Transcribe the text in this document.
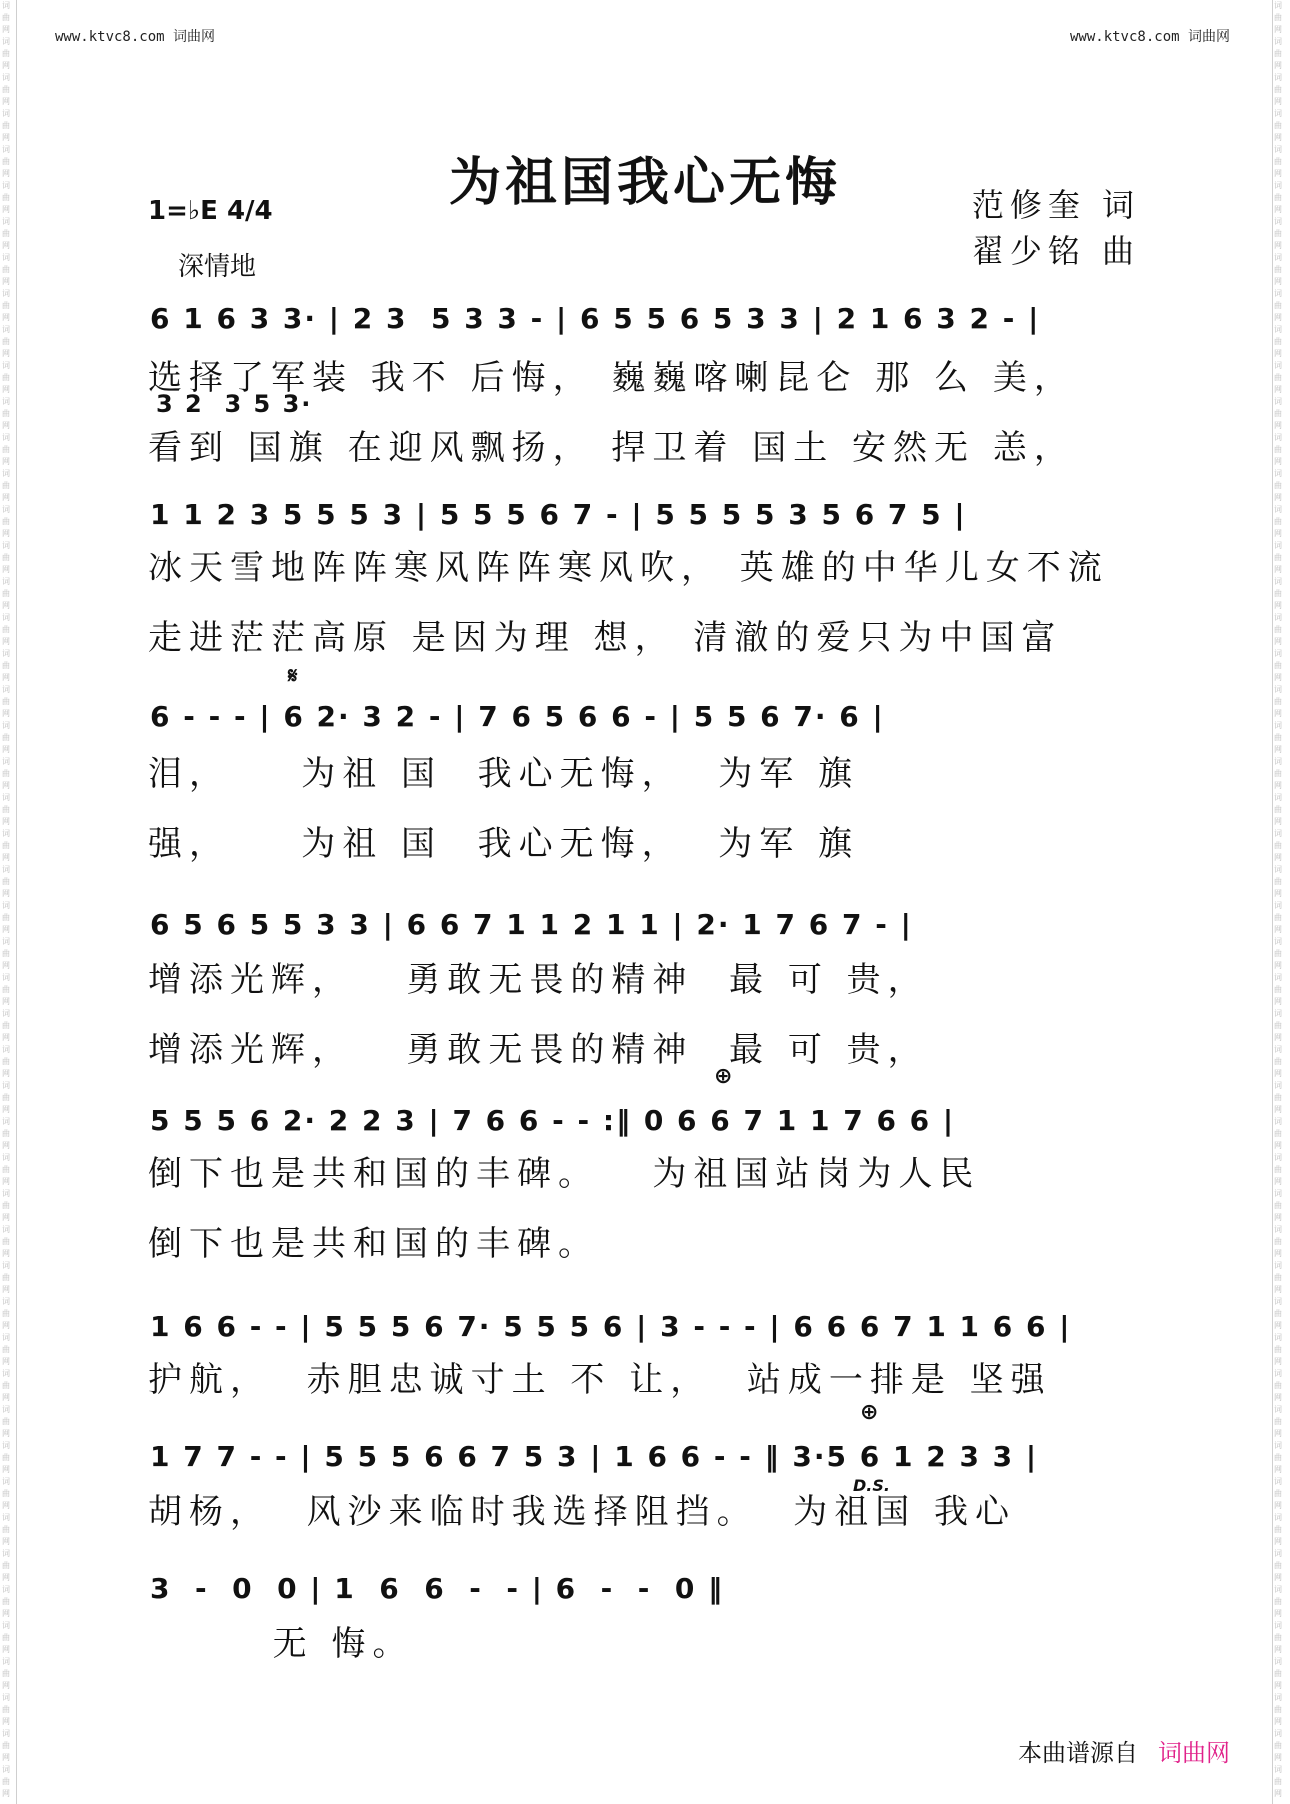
词
曲
网
词
曲
网
词
曲
网
词
曲
网
词
曲
网
词
曲
网
词
曲
网
词
曲
网
词
曲
网
词
曲
网
词
曲
网
词
曲
网
词
曲
网
词
曲
网
词
曲
网
词
曲
网
词
曲
网
词
曲
网
词
曲
网
词
曲
网
词
曲
网
词
曲
网
词
曲
网
词
曲
网
词
曲
网
词
曲
网
词
曲
网
词
曲
网
词
曲
网
词
曲
网
词
曲
网
词
曲
网
词
曲
网
词
曲
网
词
曲
网
词
曲
网
词
曲
网
词
曲
网
词
曲
网
词
曲
网
词
曲
网
词
曲
网
词
曲
网
词
曲
网
词
曲
网
词
曲
网
词
曲
网
词
曲
网
词
曲
网
词
曲
网

词
曲
网
词
曲
网
词
曲
网
词
曲
网
词
曲
网
词
曲
网
词
曲
网
词
曲
网
词
曲
网
词
曲
网
词
曲
网
词
曲
网
词
曲
网
词
曲
网
词
曲
网
词
曲
网
词
曲
网
词
曲
网
词
曲
网
词
曲
网
词
曲
网
词
曲
网
词
曲
网
词
曲
网
词
曲
网
词
曲
网
词
曲
网
词
曲
网
词
曲
网
词
曲
网
词
曲
网
词
曲
网
词
曲
网
词
曲
网
词
曲
网
词
曲
网
词
曲
网
词
曲
网
词
曲
网
词
曲
网
词
曲
网
词
曲
网
词
曲
网
词
曲
网
词
曲
网
词
曲
网
词
曲
网
词
曲
网
词
曲
网
词
曲
网

www.ktvc8.com 词曲网	www.ktvc8.com 词曲网
为祖国我心无悔
1=♭E 4/4
深情地
范修奎 词
翟少铭 曲
𝄋
⊕
⊕
D.S.
6 1 6 3 3· | 2 3  5 3 3 - | 6 5 5 6 5 3 3 | 2 1 6 3 2 - |
选择了军装 我不 后悔， 巍巍喀喇昆仑 那 么 美，
3 2  3 5 3·
看到 国旗 在迎风飘扬， 捍卫着 国土 安然无 恙，
1 1 2 3 5 5 5 3 | 5 5 5 6 7 - | 5 5 5 5 3 5 6 7 5 |
冰天雪地阵阵寒风阵阵寒风吹， 英雄的中华儿女不流
走进茫茫高原 是因为理 想， 清澈的爱只为中国富
6 - - - | 6 2· 3 2 - | 7 6 5 6 6 - | 5 5 6 7· 6 |
泪，    为祖 国  我心无悔，  为军 旗
强，    为祖 国  我心无悔，  为军 旗
6 5 6 5 5 3 3 | 6 6 7 1 1 2 1 1 | 2· 1 7 6 7 - |
增添光辉，   勇敢无畏的精神  最 可 贵，
增添光辉，   勇敢无畏的精神  最 可 贵，
5 5 5 6 2· 2 2 3 | 7 6 6 - - :‖ 0 6 6 7 1 1 7 6 6 |
倒下也是共和国的丰碑。   为祖国站岗为人民
倒下也是共和国的丰碑。
1 6 6 - - | 5 5 5 6 7· 5 5 5 6 | 3 - - - | 6 6 6 7 1 1 6 6 |
护航，  赤胆忠诚寸土 不 让，  站成一排是 坚强
1 7 7 - - | 5 5 5 6 6 7 5 3 | 1 6 6 - - ‖ 3·5 6 1 2 3 3 |
胡杨，  风沙来临时我选择阻挡。  为祖国 我心
3  -  0  0 | 1  6  6  -  - | 6  -  -  0 ‖
无 悔。
本曲谱源自 词曲网
